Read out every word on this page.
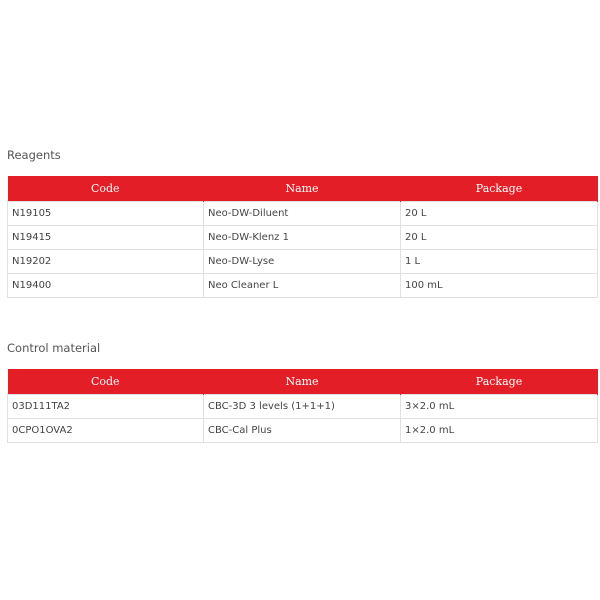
Reagents
Code	Name	Package
N19105	Neo-DW-Diluent	20 L
N19415	Neo-DW-Klenz 1	20 L
N19202	Neo-DW-Lyse	1 L
N19400	Neo Cleaner L	100 mL
Control material
Code	Name	Package
03D111TA2	CBC-3D 3 levels (1+1+1)	3×2.0 mL
0CPO1OVA2	CBC-Cal Plus	1×2.0 mL
